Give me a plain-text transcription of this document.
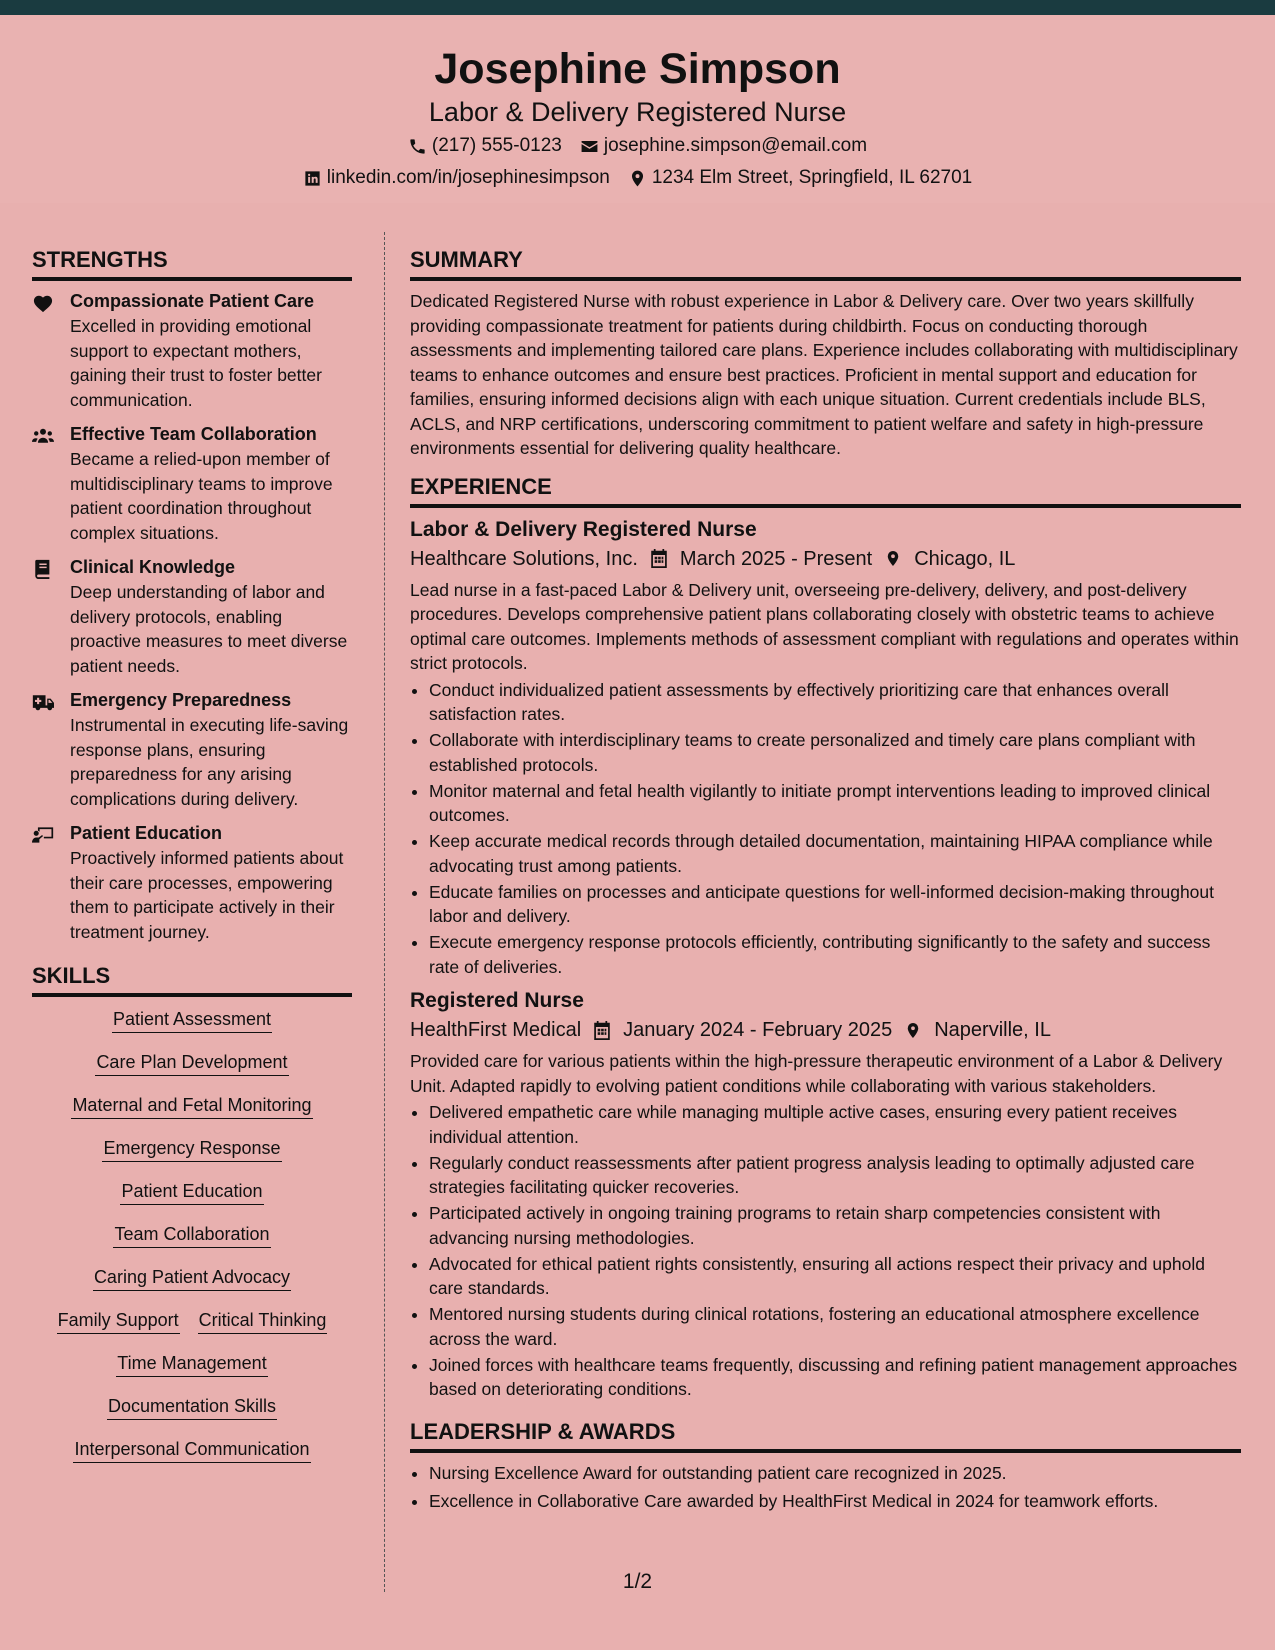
Josephine Simpson
Labor & Delivery Registered Nurse
(217) 555-0123 josephine.simpson@email.com
linkedin.com/in/josephinesimpson 1234 Elm Street, Springfield, IL 62701
STRENGTHS
Compassionate Patient Care
Excelled in providing emotional support to expectant mothers, gaining their trust to foster better communication.
Effective Team Collaboration
Became a relied-upon member of multidisciplinary teams to improve patient coordination throughout complex situations.
Clinical Knowledge
Deep understanding of labor and delivery protocols, enabling proactive measures to meet diverse patient needs.
Emergency Preparedness
Instrumental in executing life-saving response plans, ensuring preparedness for any arising complications during delivery.
Patient Education
Proactively informed patients about their care processes, empowering them to participate actively in their treatment journey.
SKILLS
Patient Assessment
Care Plan Development
Maternal and Fetal Monitoring
Emergency Response
Patient Education
Team Collaboration
Caring Patient Advocacy
Family Support Critical Thinking
Time Management
Documentation Skills
Interpersonal Communication
SUMMARY
Dedicated Registered Nurse with robust experience in Labor & Delivery care. Over two years skillfully providing compassionate treatment for patients during childbirth. Focus on conducting thorough assessments and implementing tailored care plans. Experience includes collaborating with multidisciplinary teams to enhance outcomes and ensure best practices. Proficient in mental support and education for families, ensuring informed decisions align with each unique situation. Current credentials include BLS, ACLS, and NRP certifications, underscoring commitment to patient welfare and safety in high-pressure environments essential for delivering quality healthcare.
EXPERIENCE
Labor & Delivery Registered Nurse
Healthcare Solutions, Inc. March 2025 - Present Chicago, IL
Lead nurse in a fast-paced Labor & Delivery unit, overseeing pre-delivery, delivery, and post-delivery procedures. Develops comprehensive patient plans collaborating closely with obstetric teams to achieve optimal care outcomes. Implements methods of assessment compliant with regulations and operates within strict protocols.
• Conduct individualized patient assessments by effectively prioritizing care that enhances overall satisfaction rates.
• Collaborate with interdisciplinary teams to create personalized and timely care plans compliant with established protocols.
• Monitor maternal and fetal health vigilantly to initiate prompt interventions leading to improved clinical outcomes.
• Keep accurate medical records through detailed documentation, maintaining HIPAA compliance while advocating trust among patients.
• Educate families on processes and anticipate questions for well-informed decision-making throughout labor and delivery.
• Execute emergency response protocols efficiently, contributing significantly to the safety and success rate of deliveries.
Registered Nurse
HealthFirst Medical January 2024 - February 2025 Naperville, IL
Provided care for various patients within the high-pressure therapeutic environment of a Labor & Delivery Unit. Adapted rapidly to evolving patient conditions while collaborating with various stakeholders.
• Delivered empathetic care while managing multiple active cases, ensuring every patient receives individual attention.
• Regularly conduct reassessments after patient progress analysis leading to optimally adjusted care strategies facilitating quicker recoveries.
• Participated actively in ongoing training programs to retain sharp competencies consistent with advancing nursing methodologies.
• Advocated for ethical patient rights consistently, ensuring all actions respect their privacy and uphold care standards.
• Mentored nursing students during clinical rotations, fostering an educational atmosphere excellence across the ward.
• Joined forces with healthcare teams frequently, discussing and refining patient management approaches based on deteriorating conditions.
LEADERSHIP & AWARDS
• Nursing Excellence Award for outstanding patient care recognized in 2025.
• Excellence in Collaborative Care awarded by HealthFirst Medical in 2024 for teamwork efforts.
1/2
